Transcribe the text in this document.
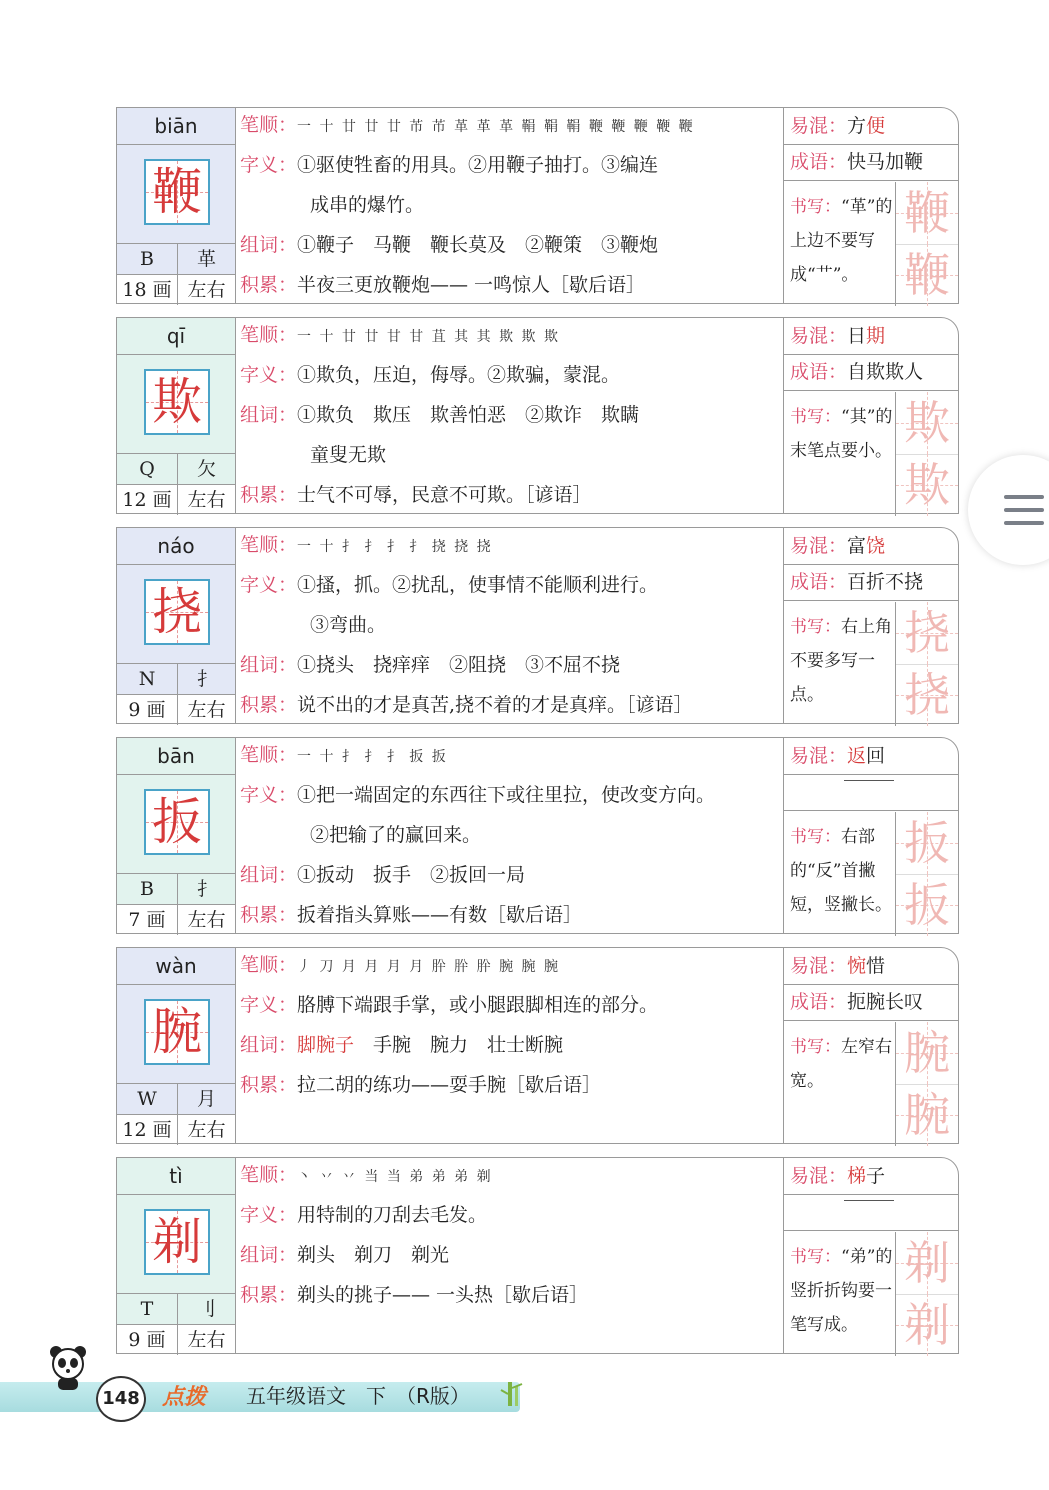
biān
鞭
B	革
18 画 左右
笔顺：一 十 廿 廿 廿 芇 芇 革 革 革 鞙 鞙 鞙 鞭 鞭 鞭 鞭 鞭
字义：①驱使牲畜的用具。②用鞭子抽打。③编连
成串的爆竹。
组词：①鞭子　马鞭　鞭长莫及　②鞭策　③鞭炮
积累：半夜三更放鞭炮—— 一鸣惊人［歇后语］
易混：方便
成语：快马加鞭
书写：“革”的上边不要写成“艹”。
鞭
鞭
qī
欺
Q	欠
12 画 左右
笔顺：一 十 廿 廿 甘 甘 苴 其 其 欺 欺 欺
字义：①欺负，压迫，侮辱。②欺骗，蒙混。
组词：①欺负　欺压　欺善怕恶　②欺诈　欺瞒
童叟无欺
积累：士气不可辱，民意不可欺。［谚语］
易混：日期
成语：自欺欺人
书写：“其”的末笔点要小。
欺
欺
náo
挠
N	扌
9 画	左右
笔顺：一 十 扌 扌 扌 扌 挠 挠 挠
字义：①搔，抓。②扰乱，使事情不能顺利进行。
③弯曲。
组词：①挠头　挠痒痒　②阻挠　③不屈不挠
积累：说不出的才是真苦,挠不着的才是真痒。［谚语］
易混：富饶
成语：百折不挠
书写：右上角不要多写一点。
挠
挠
bān
扳
B	扌
7 画	左右
笔顺：一 十 扌 扌 扌 扳 扳
字义：①把一端固定的东西往下或往里拉，使改变方向。
②把输了的赢回来。
组词：①扳动　扳手　②扳回一局
积累：扳着指头算账——有数［歇后语］
易混：返回
书写：右部的“反”首撇短，竖撇长。
扳
扳
wàn
腕
W	月
12 画 左右
笔顺：丿 刀 月 月 月 月 肸 肸 肸 腕 腕 腕
字义：胳膊下端跟手掌，或小腿跟脚相连的部分。
组词：脚腕子　手腕　腕力　壮士断腕
积累：拉二胡的练功——耍手腕［歇后语］
易混：惋惜
成语：扼腕长叹
书写：左窄右宽。
腕
腕
tì
剃
T	刂
9 画	左右
笔顺：丶 丷 丷 当 当 弟 弟 弟 剃
字义：用特制的刀刮去毛发。
组词：剃头　剃刀　剃光
积累：剃头的挑子—— 一头热［歇后语］
易混：梯子
书写：“弟”的竖折折钩要一笔写成。
剃
剃
148 点拨 五年级语文　下　（R版）
